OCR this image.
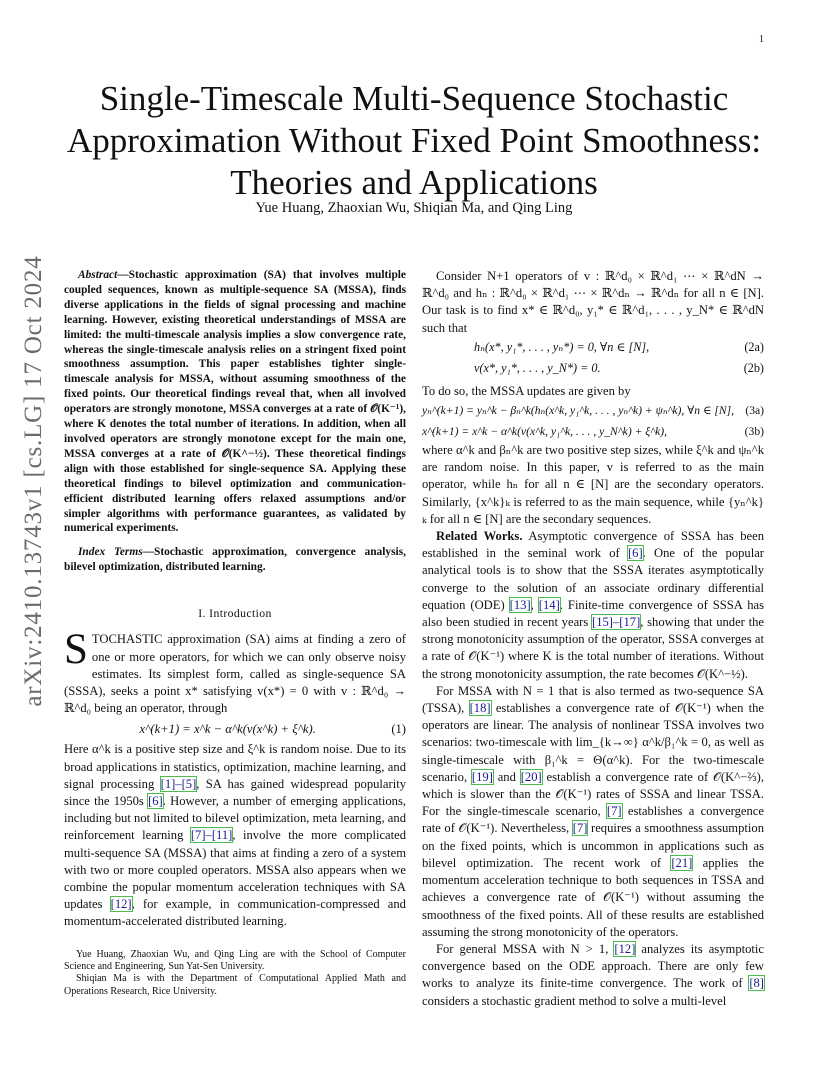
1
arXiv:2410.13743v1 [cs.LG] 17 Oct 2024
Single-Timescale Multi-Sequence Stochastic Approximation Without Fixed Point Smoothness: Theories and Applications
Yue Huang, Zhaoxian Wu, Shiqian Ma, and Qing Ling

Abstract—Stochastic approximation (SA) that involves multiple coupled sequences, known as multiple-sequence SA (MSSA), finds diverse applications in the fields of signal processing and machine learning. However, existing theoretical understandings of MSSA are limited: the multi-timescale analysis implies a slow convergence rate, whereas the single-timescale analysis relies on a stringent fixed point smoothness assumption. This paper establishes tighter single-timescale analysis for MSSA, without assuming smoothness of the fixed points. Our theoretical findings reveal that, when all involved operators are strongly monotone, MSSA converges at a rate of 𝒪(K⁻¹), where K denotes the total number of iterations. In addition, when all involved operators are strongly monotone except for the main one, MSSA converges at a rate of 𝒪(K^−½). These theoretical findings align with those established for single-sequence SA. Applying these theoretical findings to bilevel optimization and communication-efficient distributed learning offers relaxed assumptions and/or simpler algorithms with performance guarantees, as validated by numerical experiments.

Index Terms—Stochastic approximation, convergence analysis, bilevel optimization, distributed learning.

I. Introduction

STOCHASTIC approximation (SA) aims at finding a zero of one or more operators, for which we can only observe noisy estimates. Its simplest form, called as single-sequence SA (SSSA), seeks a point x* satisfying v(x*) = 0 with v : ℝ^d₀ → ℝ^d₀ being an operator, through

x^(k+1) = x^k − α^k(v(x^k) + ξ^k).	(1)

Here α^k is a positive step size and ξ^k is random noise. Due to its broad applications in statistics, optimization, machine learning, and signal processing [1]–[5], SA has gained widespread popularity since the 1950s [6]. However, a number of emerging applications, including but not limited to bilevel optimization, meta learning, and reinforcement learning [7]–[11], involve the more complicated multi-sequence SA (MSSA) that aims at finding a zero of a system with two or more coupled operators. MSSA also appears when we combine the popular momentum acceleration techniques with SA updates [12], for example, in communication-compressed and momentum-accelerated distributed learning.

Yue Huang, Zhaoxian Wu, and Qing Ling are with the School of Computer Science and Engineering, Sun Yat-Sen University.

Shiqian Ma is with the Department of Computational Applied Math and Operations Research, Rice University.

Consider N+1 operators of v : ℝ^d₀ × ℝ^d₁ ⋯ × ℝ^dN → ℝ^d₀ and hₙ : ℝ^d₀ × ℝ^d₁ ⋯ × ℝ^dₙ → ℝ^dₙ for all n ∈ [N]. Our task is to find x* ∈ ℝ^d₀, y₁* ∈ ℝ^d₁, . . . , y_N* ∈ ℝ^dN such that

hₙ(x*, y₁*, . . . , yₙ*) = 0, ∀n ∈ [N],	(2a)
v(x*, y₁*, . . . , y_N*) = 0.	(2b)

To do so, the MSSA updates are given by

yₙ^(k+1) = yₙ^k − βₙ^k(hₙ(x^k, y₁^k, . . . , yₙ^k) + ψₙ^k), ∀n ∈ [N], (3a)
x^(k+1) = x^k − α^k(v(x^k, y₁^k, . . . , y_N^k) + ξ^k),	(3b)

where α^k and βₙ^k are two positive step sizes, while ξ^k and ψₙ^k are random noise. In this paper, v is referred to as the main operator, while hₙ for all n ∈ [N] are the secondary operators. Similarly, {x^k}ₖ is referred to as the main sequence, while {yₙ^k}ₖ for all n ∈ [N] are the secondary sequences.

Related Works. Asymptotic convergence of SSSA has been established in the seminal work of [6]. One of the popular analytical tools is to show that the SSSA iterates asymptotically converge to the solution of an associate ordinary differential equation (ODE) [13], [14]. Finite-time convergence of SSSA has also been studied in recent years [15]–[17], showing that under the strong monotonicity assumption of the operator, SSSA converges at a rate of 𝒪(K⁻¹) where K is the total number of iterations. Without the strong monotonicity assumption, the rate becomes 𝒪(K^−½).

For MSSA with N = 1 that is also termed as two-sequence SA (TSSA), [18] establishes a convergence rate of 𝒪(K⁻¹) when the operators are linear. The analysis of nonlinear TSSA involves two scenarios: two-timescale with lim_{k→∞} α^k/β₁^k = 0, as well as single-timescale with β₁^k = Θ(α^k). For the two-timescale scenario, [19] and [20] establish a convergence rate of 𝒪(K^−⅔), which is slower than the 𝒪(K⁻¹) rates of SSSA and linear TSSA. For the single-timescale scenario, [7] establishes a convergence rate of 𝒪(K⁻¹). Nevertheless, [7] requires a smoothness assumption on the fixed points, which is uncommon in applications such as bilevel optimization. The recent work of [21] applies the momentum acceleration technique to both sequences in TSSA and achieves a convergence rate of 𝒪(K⁻¹) without assuming the smoothness of the fixed points. All of these results are established assuming the strong monotonicity of the operators.

For general MSSA with N > 1, [12] analyzes its asymptotic convergence based on the ODE approach. There are only few works to analyze its finite-time convergence. The work of [8] considers a stochastic gradient method to solve a multi-level
